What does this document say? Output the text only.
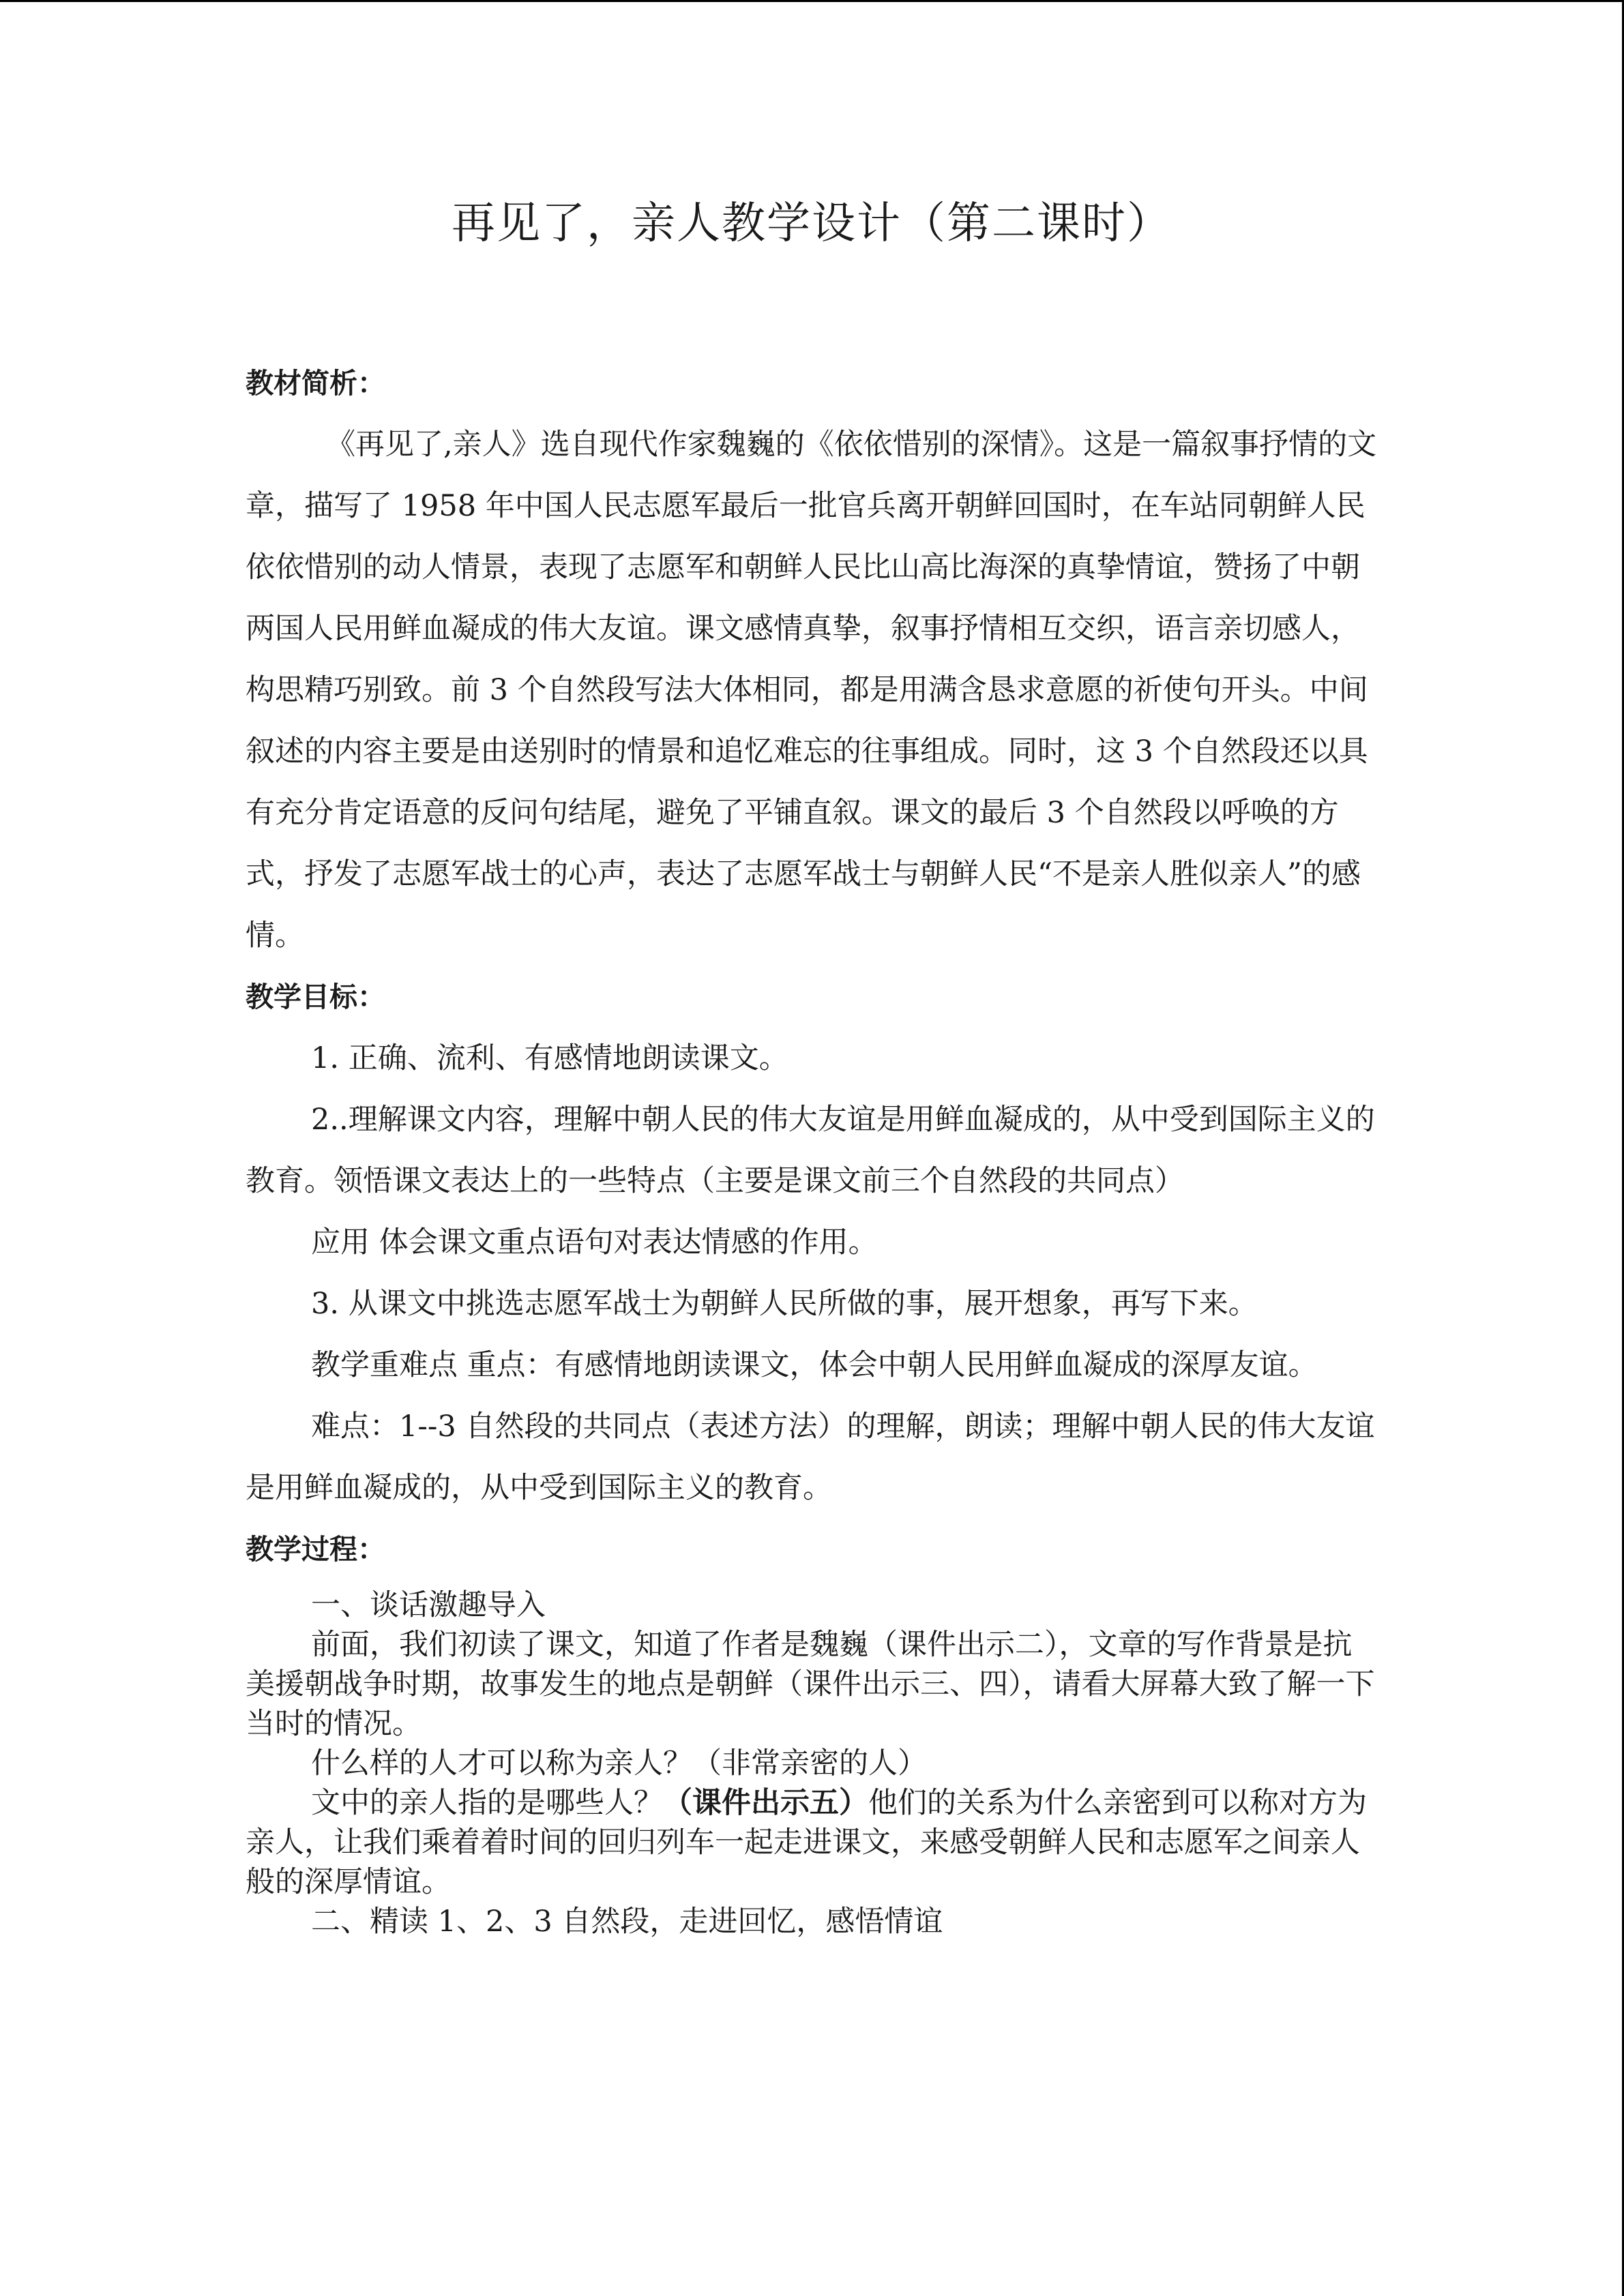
再见了，亲人教学设计（第二课时）
教材简析：

《再见了,亲人》选自现代作家魏巍的《依依惜别的深情》。这是一篇叙事抒情的文章，描写了 1958 年中国人民志愿军最后一批官兵离开朝鲜回国时，在车站同朝鲜人民依依惜别的动人情景，表现了志愿军和朝鲜人民比山高比海深的真挚情谊，赞扬了中朝两国人民用鲜血凝成的伟大友谊。课文感情真挚，叙事抒情相互交织，语言亲切感人，构思精巧别致。前 3 个自然段写法大体相同，都是用满含恳求意愿的祈使句开头。中间叙述的内容主要是由送别时的情景和追忆难忘的往事组成。同时，这 3 个自然段还以具有充分肯定语意的反问句结尾，避免了平铺直叙。课文的最后 3 个自然段以呼唤的方式，抒发了志愿军战士的心声，表达了志愿军战士与朝鲜人民“不是亲人胜似亲人”的感情。

教学目标：

1. 正确、流利、有感情地朗读课文。

2..理解课文内容，理解中朝人民的伟大友谊是用鲜血凝成的，从中受到国际主义的教育。领悟课文表达上的一些特点（主要是课文前三个自然段的共同点）

应用 体会课文重点语句对表达情感的作用。

3. 从课文中挑选志愿军战士为朝鲜人民所做的事，展开想象，再写下来。

教学重难点 重点：有感情地朗读课文，体会中朝人民用鲜血凝成的深厚友谊。

难点：1--3 自然段的共同点（表述方法）的理解，朗读；理解中朝人民的伟大友谊是用鲜血凝成的，从中受到国际主义的教育。

教学过程：

一、谈话激趣导入

前面，我们初读了课文，知道了作者是魏巍（课件出示二），文章的写作背景是抗美援朝战争时期，故事发生的地点是朝鲜（课件出示三、四），请看大屏幕大致了解一下当时的情况。

什么样的人才可以称为亲人？（非常亲密的人）

文中的亲人指的是哪些人？（课件出示五）他们的关系为什么亲密到可以称对方为亲人，让我们乘着着时间的回归列车一起走进课文，来感受朝鲜人民和志愿军之间亲人般的深厚情谊。

二、精读 1、2、3 自然段，走进回忆，感悟情谊
